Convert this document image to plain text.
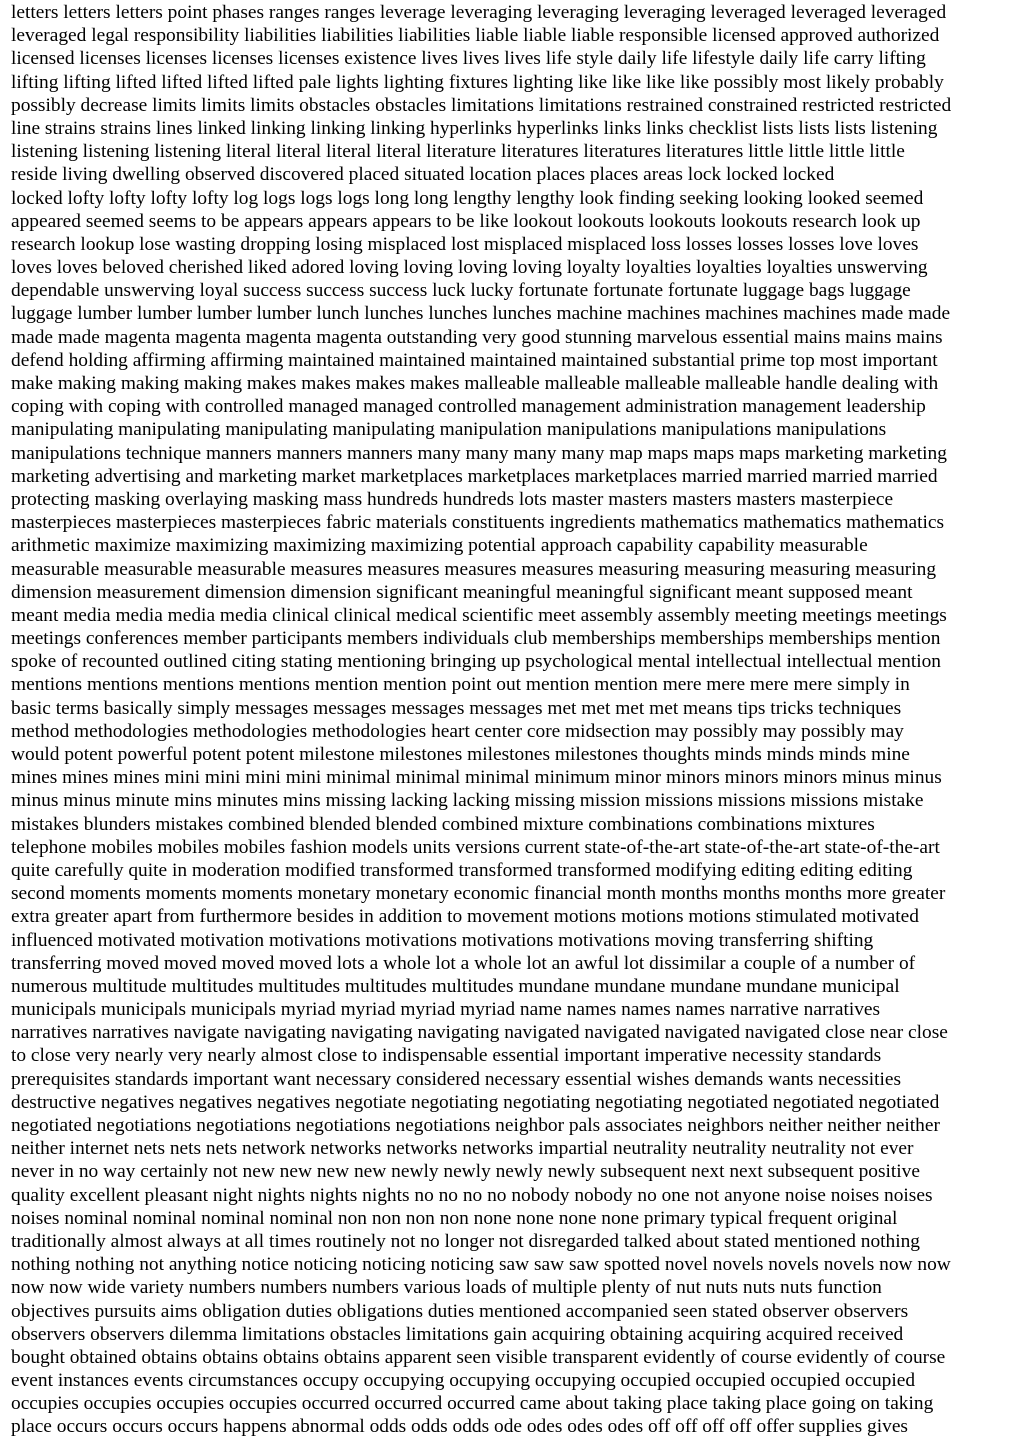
letters letters letters point phases ranges ranges leverage leveraging leveraging leveraging leveraged leveraged leveraged
leveraged legal responsibility liabilities liabilities liabilities liable liable liable responsible licensed approved authorized
licensed licenses licenses licenses licenses existence lives lives lives life style daily life lifestyle daily life carry lifting
lifting lifting lifted lifted lifted lifted pale lights lighting fixtures lighting like like like like possibly most likely probably
possibly decrease limits limits limits obstacles obstacles limitations limitations restrained constrained restricted restricted
line strains strains lines linked linking linking linking hyperlinks hyperlinks links links checklist lists lists lists listening
listening listening listening literal literal literal literal literature literatures literatures literatures little little little little
reside living dwelling observed discovered placed situated location places places areas lock locked locked
locked lofty lofty lofty lofty log logs logs logs long long lengthy lengthy look finding seeking looking looked seemed
appeared seemed seems to be appears appears appears to be like lookout lookouts lookouts lookouts research look up
research lookup lose wasting dropping losing misplaced lost misplaced misplaced loss losses losses losses love loves
loves loves beloved cherished liked adored loving loving loving loving loyalty loyalties loyalties loyalties unswerving
dependable unswerving loyal success success success luck lucky fortunate fortunate fortunate luggage bags luggage
luggage lumber lumber lumber lumber lunch lunches lunches lunches machine machines machines machines made made
made made magenta magenta magenta magenta outstanding very good stunning marvelous essential mains mains mains
defend holding affirming affirming maintained maintained maintained maintained substantial prime top most important
make making making making makes makes makes makes malleable malleable malleable malleable handle dealing with
coping with coping with controlled managed managed controlled management administration management leadership
manipulating manipulating manipulating manipulating manipulation manipulations manipulations manipulations
manipulations technique manners manners manners many many many many map maps maps maps marketing marketing
marketing advertising and marketing market marketplaces marketplaces marketplaces married married married married
protecting masking overlaying masking mass hundreds hundreds lots master masters masters masters masterpiece
masterpieces masterpieces masterpieces fabric materials constituents ingredients mathematics mathematics mathematics
arithmetic maximize maximizing maximizing maximizing potential approach capability capability measurable
measurable measurable measurable measures measures measures measures measuring measuring measuring measuring
dimension measurement dimension dimension significant meaningful meaningful significant meant supposed meant
meant media media media media clinical clinical medical scientific meet assembly assembly meeting meetings meetings
meetings conferences member participants members individuals club memberships memberships memberships mention
spoke of recounted outlined citing stating mentioning bringing up psychological mental intellectual intellectual mention
mentions mentions mentions mentions mention mention point out mention mention mere mere mere mere simply in
basic terms basically simply messages messages messages messages met met met met means tips tricks techniques
method methodologies methodologies methodologies heart center core midsection may possibly may possibly may
would potent powerful potent potent milestone milestones milestones milestones thoughts minds minds minds mine
mines mines mines mini mini mini mini minimal minimal minimal minimum minor minors minors minors minus minus
minus minus minute mins minutes mins missing lacking lacking missing mission missions missions missions mistake
mistakes blunders mistakes combined blended blended combined mixture combinations combinations mixtures
telephone mobiles mobiles mobiles fashion models units versions current state-of-the-art state-of-the-art state-of-the-art
quite carefully quite in moderation modified transformed transformed transformed modifying editing editing editing
second moments moments moments monetary monetary economic financial month months months months more greater
extra greater apart from furthermore besides in addition to movement motions motions motions stimulated motivated
influenced motivated motivation motivations motivations motivations motivations moving transferring shifting
transferring moved moved moved moved lots a whole lot a whole lot an awful lot dissimilar a couple of a number of
numerous multitude multitudes multitudes multitudes multitudes mundane mundane mundane mundane municipal
municipals municipals municipals myriad myriad myriad myriad name names names names narrative narratives
narratives narratives navigate navigating navigating navigating navigated navigated navigated navigated close near close
to close very nearly very nearly almost close to indispensable essential important imperative necessity standards
prerequisites standards important want necessary considered necessary essential wishes demands wants necessities
destructive negatives negatives negatives negotiate negotiating negotiating negotiating negotiated negotiated negotiated
negotiated negotiations negotiations negotiations negotiations neighbor pals associates neighbors neither neither neither
neither internet nets nets nets network networks networks networks impartial neutrality neutrality neutrality not ever
never in no way certainly not new new new new newly newly newly newly subsequent next next subsequent positive
quality excellent pleasant night nights nights nights no no no no nobody nobody no one not anyone noise noises noises
noises nominal nominal nominal nominal non non non non none none none none primary typical frequent original
traditionally almost always at all times routinely not no longer not disregarded talked about stated mentioned nothing
nothing nothing not anything notice noticing noticing noticing saw saw saw spotted novel novels novels novels now now
now now wide variety numbers numbers numbers various loads of multiple plenty of nut nuts nuts nuts function
objectives pursuits aims obligation duties obligations duties mentioned accompanied seen stated observer observers
observers observers dilemma limitations obstacles limitations gain acquiring obtaining acquiring acquired received
bought obtained obtains obtains obtains obtains apparent seen visible transparent evidently of course evidently of course
event instances events circumstances occupy occupying occupying occupying occupied occupied occupied occupied
occupies occupies occupies occupies occurred occurred occurred came about taking place taking place going on taking
place occurs occurs occurs happens abnormal odds odds odds ode odes odes odes off off off off offer supplies gives
